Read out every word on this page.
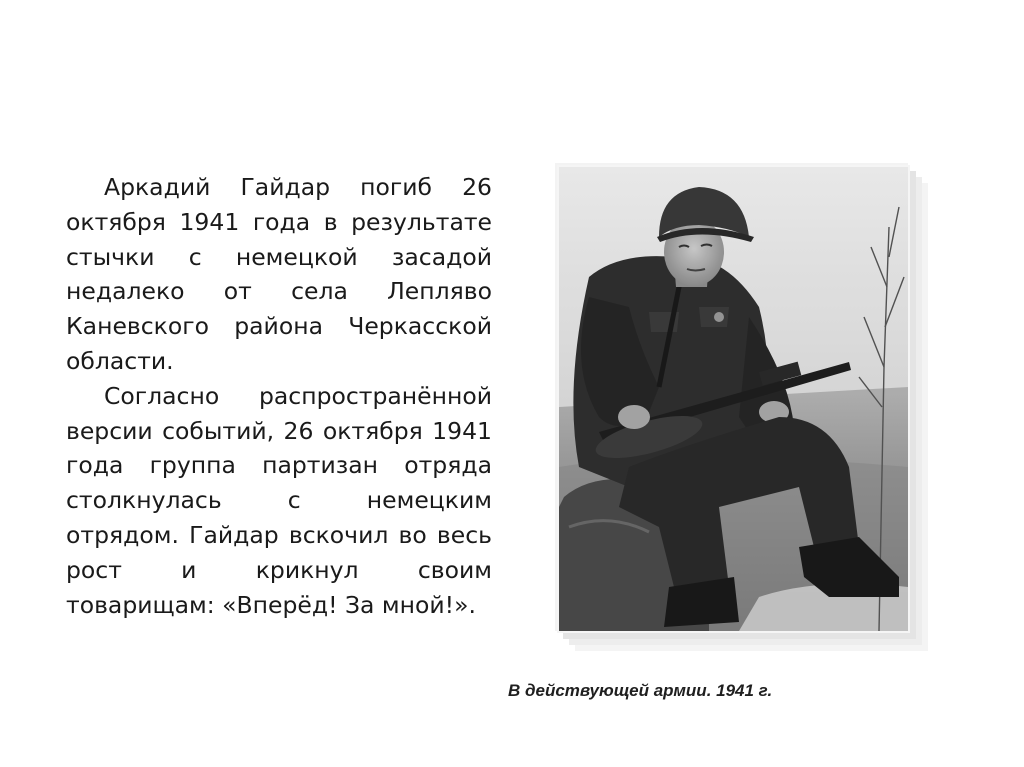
Аркадий Гайдар погиб 26 октября 1941 года в результате стычки с немецкой засадой недалеко от села Лепляво Каневского района Черкасской области.

Согласно распространённой версии событий, 26 октября 1941 года группа партизан отряда столкнулась с немецким отрядом. Гайдар вскочил во весь рост и крикнул своим товарищам: «Вперёд! За мной!».

В действующей армии. 1941 г.
